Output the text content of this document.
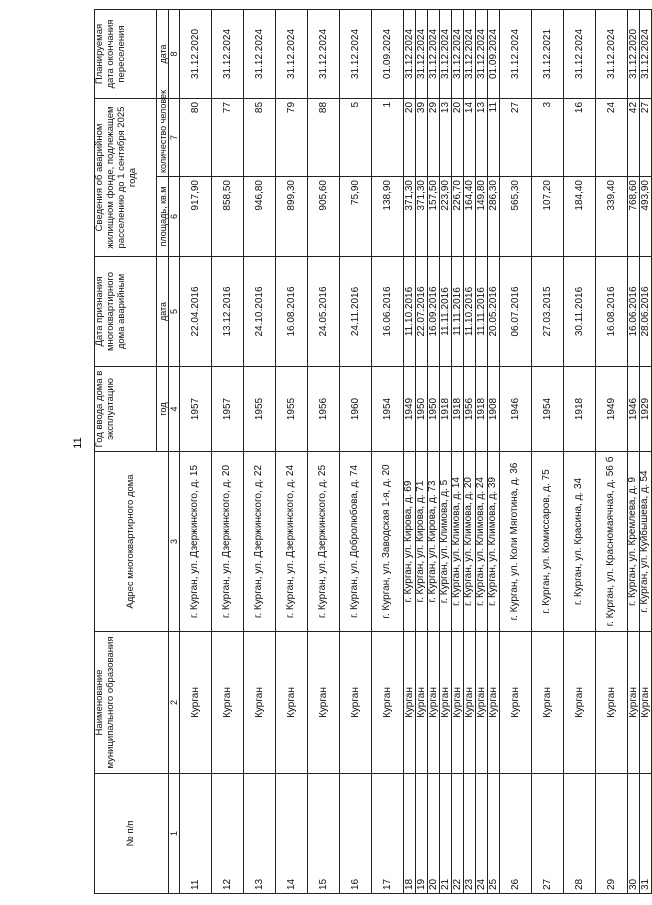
11
№ п/п	Наименование муниципального образования	Адрес многоквартирного дома	Год ввода дома в эксплуатацию	Дата признания многоквартирного дома аварийным	Сведения об аварийном жилищном фонде, подлежащем расселению до 1 сентября 2025 года		Планируемая дата окончания переселения
			год	дата	площадь, кв.м	количество человек	дата
1	2	3	4	5	6	7	8
11	Курган	г. Курган, ул. Дзержинского, д. 15	1957	22.04.2016	917,90	80	31.12.2020
12	Курган	г. Курган, ул. Дзержинского, д. 20	1957	13.12.2016	858,50	77	31.12.2024
13	Курган	г. Курган, ул. Дзержинского, д. 22	1955	24.10.2016	946,80	85	31.12.2024
14	Курган	г. Курган, ул. Дзержинского, д. 24	1955	16.08.2016	899,30	79	31.12.2024
15	Курган	г. Курган, ул. Дзержинского, д. 25	1956	24.05.2016	905,60	88	31.12.2024
16	Курган	г. Курган, ул. Добролюбова, д. 74	1960	24.11.2016	75,90	5	31.12.2024
17	Курган	г. Курган, ул. Заводская 1-я, д. 20	1954	16.06.2016	138,90	1	01.09.2024
18	Курган	г. Курган, ул. Кирова, д. 69	1949	11.10.2016	371,30	20	31.12.2024
19	Курган	г. Курган, ул. Кирова, д. 71	1950	22.07.2016	371,30	39	31.12.2024
20	Курган	г. Курган, ул. Кирова, д. 73	1950	16.09.2016	157,50	29	31.12.2024
21	Курган	г. Курган, ул. Климова, д. 5	1918	11.11.2016	223,90	13	31.12.2024
22	Курган	г. Курган, ул. Климова, д. 14	1918	11.11.2016	226,70	20	31.12.2024
23	Курган	г. Курган, ул. Климова, д. 20	1956	11.10.2016	164,40	14	31.12.2024
24	Курган	г. Курган, ул. Климова, д. 24	1918	11.11.2016	149,80	13	31.12.2024
25	Курган	г. Курган, ул. Климова, д. 39	1908	20.05.2016	286,30	11	01.09.2024
26	Курган	г. Курган, ул. Коли Мяготина, д. 36	1946	06.07.2016	565,30	27	31.12.2024
27	Курган	г. Курган, ул. Комиссаров, д. 75	1954	27.03.2015	107,20	3	31.12.2021
28	Курган	г. Курган, ул. Красина, д. 34	1918	30.11.2016	184,40	16	31.12.2024
29	Курган	г. Курган, ул. Красномаячная, д. 56 б	1949	16.08.2016	339,40	24	31.12.2024
30	Курган	г. Курган, ул. Кремлева, д. 9	1946	16.06.2016	768,60	42	31.12.2020
31	Курган	г. Курган, ул. Куйбышева, д. 54	1929	28.06.2016	493,90	27	31.12.2024
